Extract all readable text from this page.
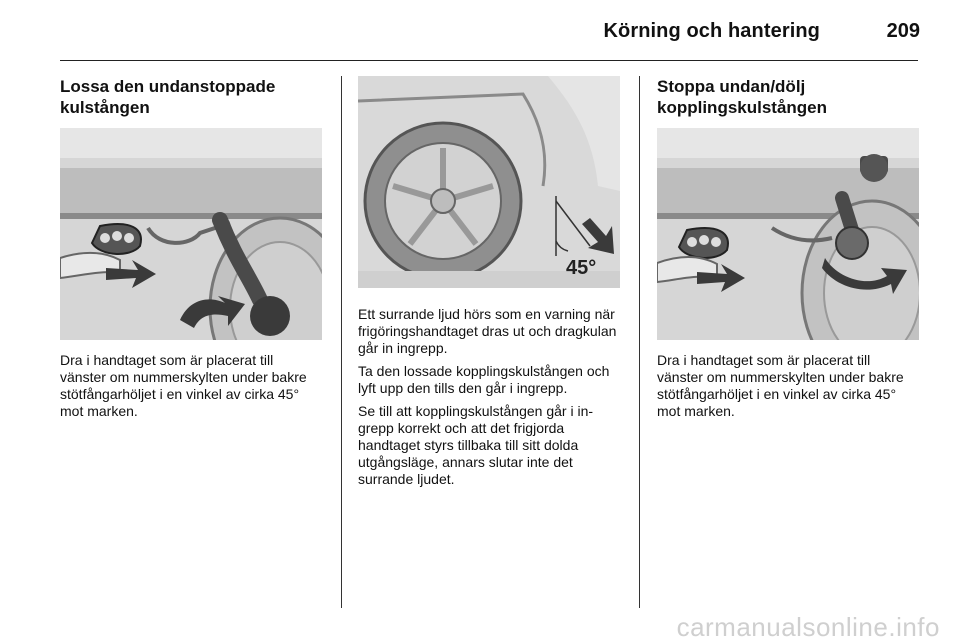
Körning och hantering	209
Lossa den undanstoppade kulstången

Dra i handtaget som är placerat till vänster om nummerskylten under bakre stötfångarhöljet i en vinkel av cirka 45° mot marken.

45°

Ett surrande ljud hörs som en varning när frigöringshandtaget dras ut och dragkulan går in ingrepp.

Ta den lossade kopplingskulstången och lyft upp den tills den går i ingrepp.

Se till att kopplingskulstången går i in-grepp korrekt och att det frigjorda handtaget styrs tillbaka till sitt dolda utgångsläge, annars slutar inte det surrande ljudet.

Stoppa undan/dölj kopplingskulstången

Dra i handtaget som är placerat till vänster om nummerskylten under bakre stötfångarhöljet i en vinkel av cirka 45° mot marken.

carmanualsonline.info
